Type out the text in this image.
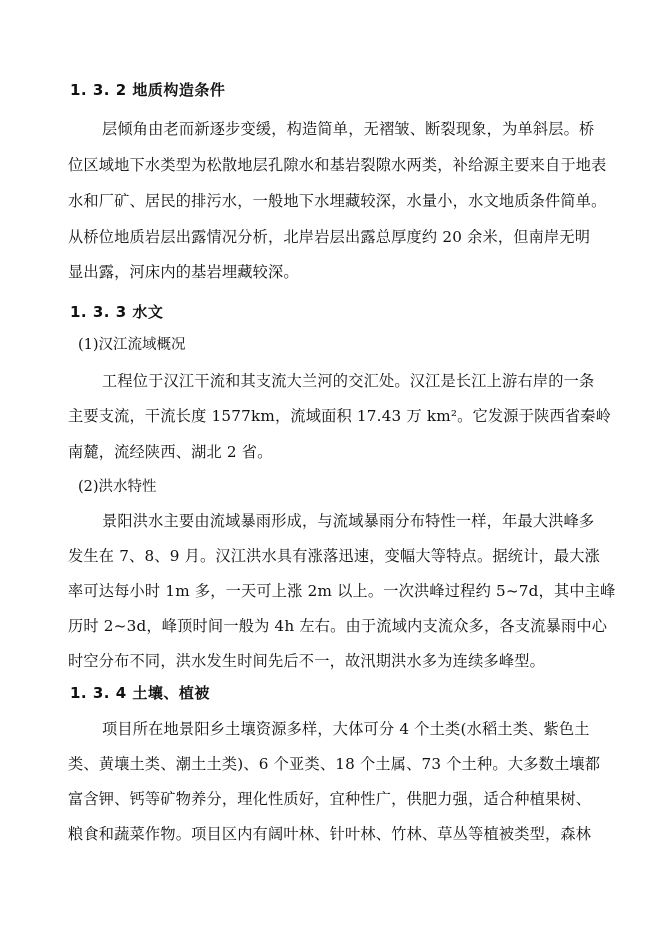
1. 3. 2 地质构造条件
层倾角由老而新逐步变缓，构造简单，无褶皱、断裂现象，为单斜层。桥
位区域地下水类型为松散地层孔隙水和基岩裂隙水两类，补给源主要来自于地表
水和厂矿、居民的排污水，一般地下水埋藏较深，水量小，水文地质条件简单。
从桥位地质岩层出露情况分析，北岸岩层出露总厚度约 20 余米，但南岸无明
显出露，河床内的基岩埋藏较深。
1. 3. 3 水文
(1)汉江流域概况
工程位于汉江干流和其支流大兰河的交汇处。汉江是长江上游右岸的一条
主要支流，干流长度 1577km，流域面积 17.43 万 km²。它发源于陕西省秦岭
南麓，流经陕西、湖北 2 省。
(2)洪水特性
景阳洪水主要由流域暴雨形成，与流域暴雨分布特性一样，年最大洪峰多
发生在 7、8、9 月。汉江洪水具有涨落迅速，变幅大等特点。据统计，最大涨
率可达每小时 1m 多，一天可上涨 2m 以上。一次洪峰过程约 5~7d，其中主峰
历时 2~3d，峰顶时间一般为 4h 左右。由于流域内支流众多，各支流暴雨中心
时空分布不同，洪水发生时间先后不一，故汛期洪水多为连续多峰型。
1. 3. 4 土壤、植被
项目所在地景阳乡土壤资源多样，大体可分 4 个土类(水稻土类、紫色土
类、黄壤土类、潮土土类)、6 个亚类、18 个土属、73 个土种。大多数土壤都
富含钾、钙等矿物养分，理化性质好，宜种性广，供肥力强，适合种植果树、
粮食和蔬菜作物。项目区内有阔叶林、针叶林、竹林、草丛等植被类型，森林
